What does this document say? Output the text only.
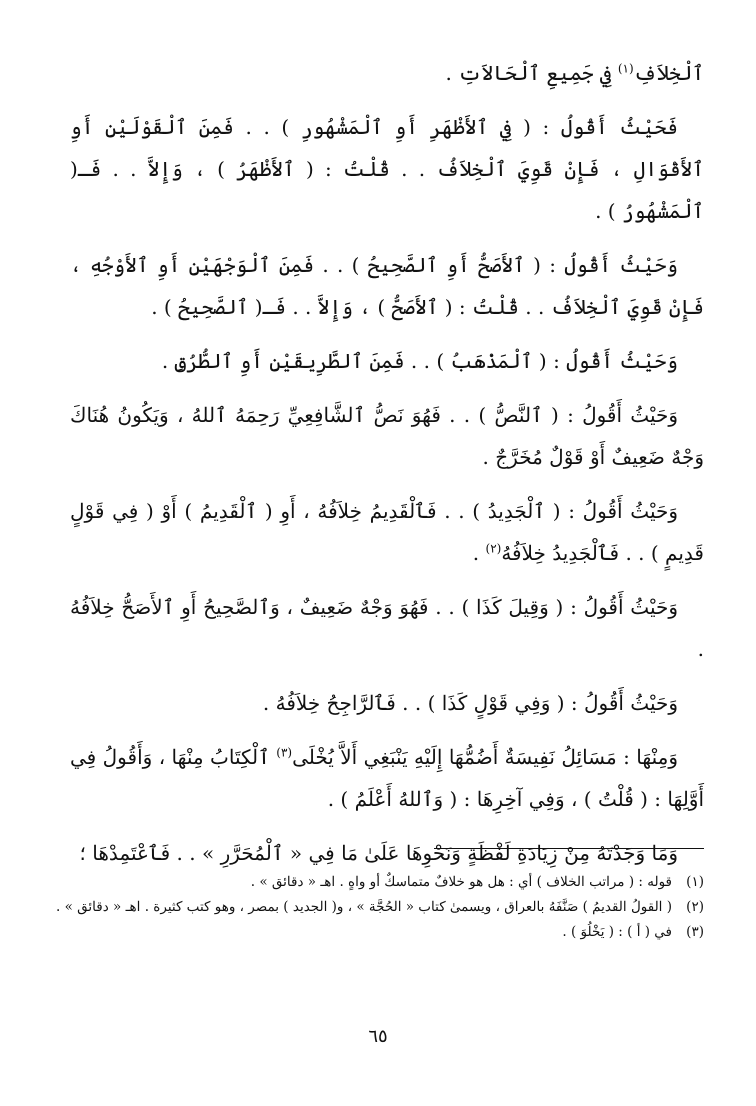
ٱلْخِلاَفِ$^{(١)}$ فِي جَمِيعِ ٱلْحَالاَتِ .

فَحَيْثُ أَقُولُ : ( فِي ٱلأَظْهَرِ أَوِ ٱلْمَشْهُورِ ) . . فَمِنَ ٱلْقَوْلَيْنِ أَوِ ٱلأَقْوَالِ ، فَإِنْ قَوِيَ ٱلْخِلاَفُ . . قُلْتُ : ( ٱلأَظْهَرُ ) ، وَإِلاَّ . . فَـ( ٱلْمَشْهُورُ ) .

وَحَيْثُ أَقُولُ : ( ٱلأَصَحُّ أَوِ ٱلصَّحِيحُ ) . . فَمِنَ ٱلْوَجْهَيْنِ أَوِ ٱلأَوْجُهِ ، فَإِنْ قَوِيَ ٱلْخِلاَفُ . . قُلْتُ : ( ٱلأَصَحُّ ) ، وَإِلاَّ . . فَـ( ٱلصَّحِيحُ ) .

وَحَيْثُ أَقُولُ : ( ٱلْمَذْهَبُ ) . . فَمِنَ ٱلطَّرِيقَيْنِ أَوِ ٱلطُّرُقِ .

وَحَيْثُ أَقُولُ : ( ٱلنَّصُّ ) . . فَهُوَ نَصُّ ٱلشَّافِعِيِّ رَحِمَهُ ٱللهُ ، وَيَكُونُ هُنَاكَ وَجْهٌ ضَعِيفٌ أَوْ قَوْلٌ مُخَرَّجٌ .

وَحَيْثُ أَقُولُ : ( ٱلْجَدِيدُ ) . . فَٱلْقَدِيمُ خِلاَفُهُ ، أَوِ ( ٱلْقَدِيمُ ) أَوْ ( فِي قَوْلٍ قَدِيمٍ ) . . فَٱلْجَدِيدُ خِلاَفُهُ$^{(٢)}$ .

وَحَيْثُ أَقُولُ : ( وَقِيلَ كَذَا ) . . فَهُوَ وَجْهٌ ضَعِيفٌ ، وَٱلصَّحِيحُ أَوِ ٱلأَصَحُّ خِلاَفُهُ .

وَحَيْثُ أَقُولُ : ( وَفِي قَوْلٍ كَذَا ) . . فَٱلرَّاجِحُ خِلاَفُهُ .

وَمِنْهَا : مَسَائِلُ نَفِيسَةٌ أَضُمُّهَا إِلَيْهِ يَنْبَغِي أَلاَّ يُخْلَى$^{(٣)}$ ٱلْكِتَابُ مِنْهَا ، وَأَقُولُ فِي أَوَّلِهَا : ( قُلْتُ ) ، وَفِي آخِرِهَا : ( وَٱللهُ أَعْلَمُ ) .

وَمَا وَجَدْتَهُ مِنْ زِيَادَةِ لَفْظَةٍ وَنَحْوِهَا عَلَىٰ مَا فِي « ٱلْمُحَرَّرِ » . . فَٱعْتَمِدْهَا ؛

(١)
قوله : ( مراتب الخلاف ) أي : هل هو خلافٌ متماسكٌ أو واهٍ . اهـ « دقائق » .
(٢)
( القولُ القديمُ ) صَنَّفَهُ بالعراق ، ويسمىٰ كتاب « الحُجَّة » ، و( الجديد ) بمصر ، وهو كتب كثيرة . اهـ « دقائق » .
(٣)
في ( أ ) : ( يَخْلُوَ ) .
٦٥
